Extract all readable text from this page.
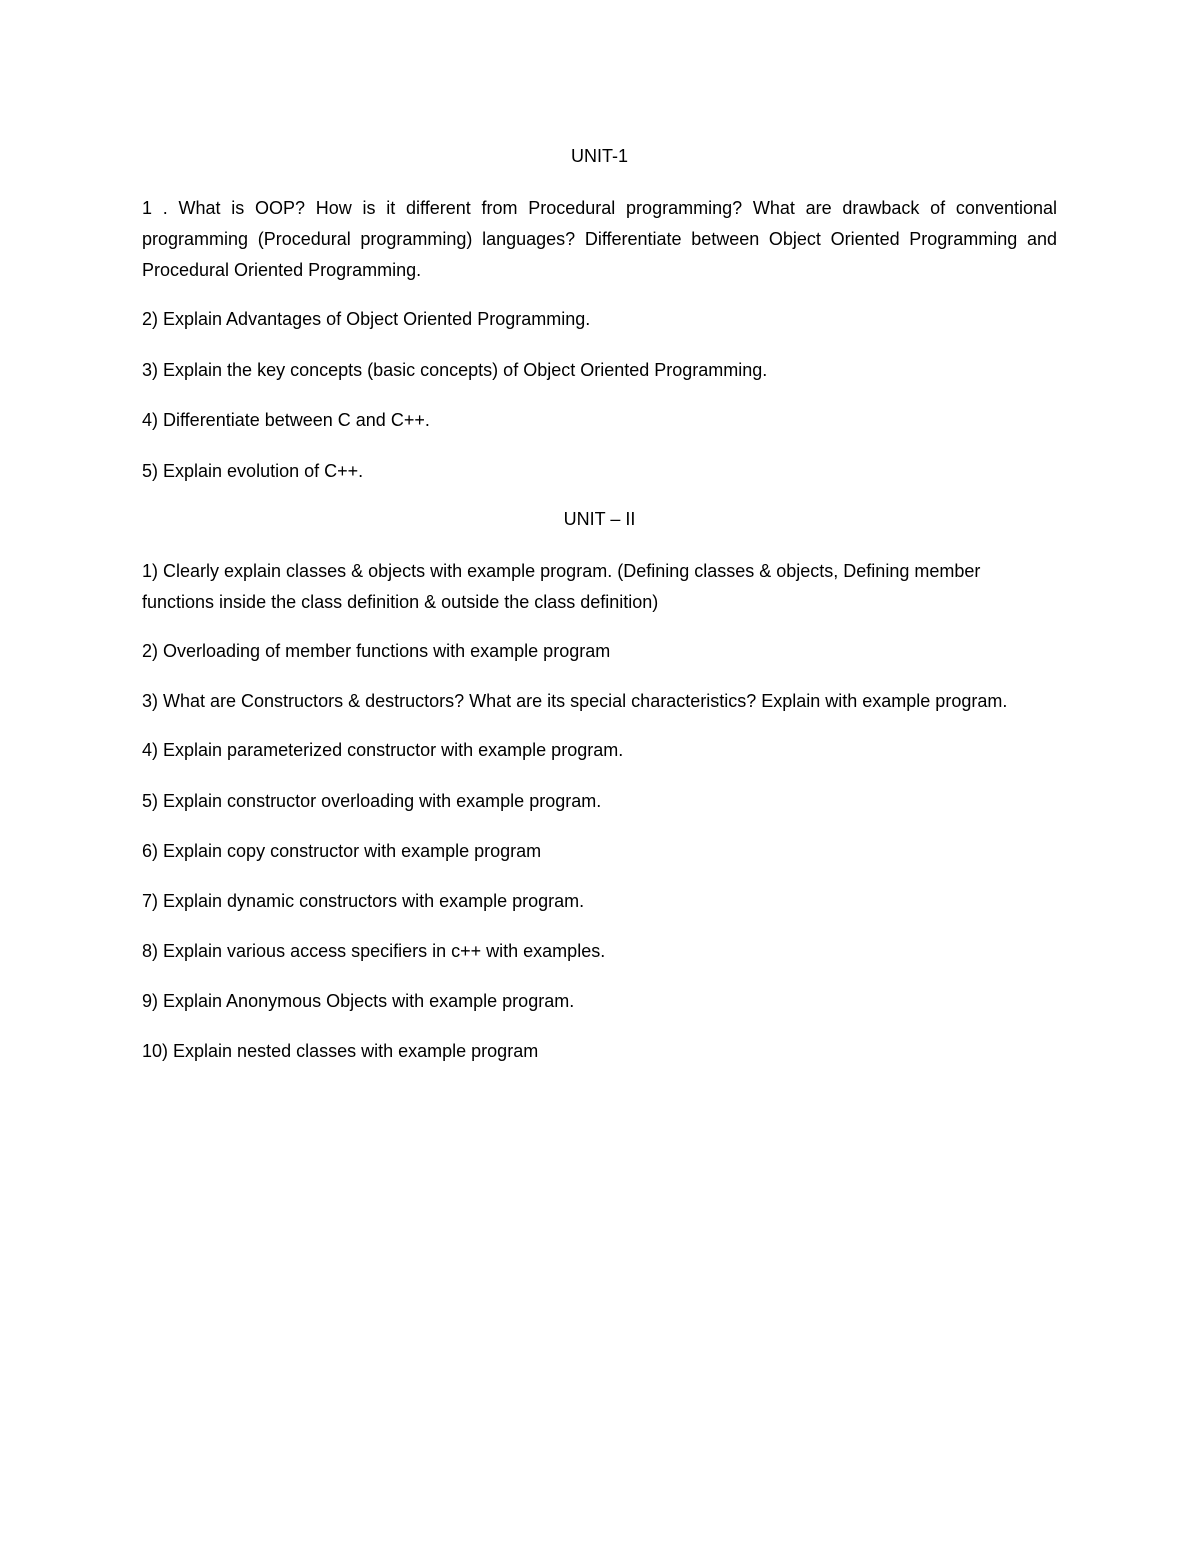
UNIT-1

1 . What is OOP? How is it different from Procedural programming? What are drawback of conventional programming (Procedural programming) languages? Differentiate between Object Oriented Programming and Procedural Oriented Programming.

2) Explain Advantages of Object Oriented Programming.

3) Explain the key concepts (basic concepts) of Object Oriented Programming.

4) Differentiate between C and C++.

5) Explain evolution of C++.

UNIT – II

1) Clearly explain classes & objects with example program. (Defining classes & objects, Defining member functions inside the class definition & outside the class definition)

2) Overloading of member functions with example program

3) What are Constructors & destructors? What are its special characteristics? Explain with example program.

4) Explain parameterized constructor with example program.

5) Explain constructor overloading with example program.

6) Explain copy constructor with example program

7) Explain dynamic constructors with example program.

8) Explain various access specifiers in c++ with examples.

9) Explain Anonymous Objects with example program.

10) Explain nested classes with example program
